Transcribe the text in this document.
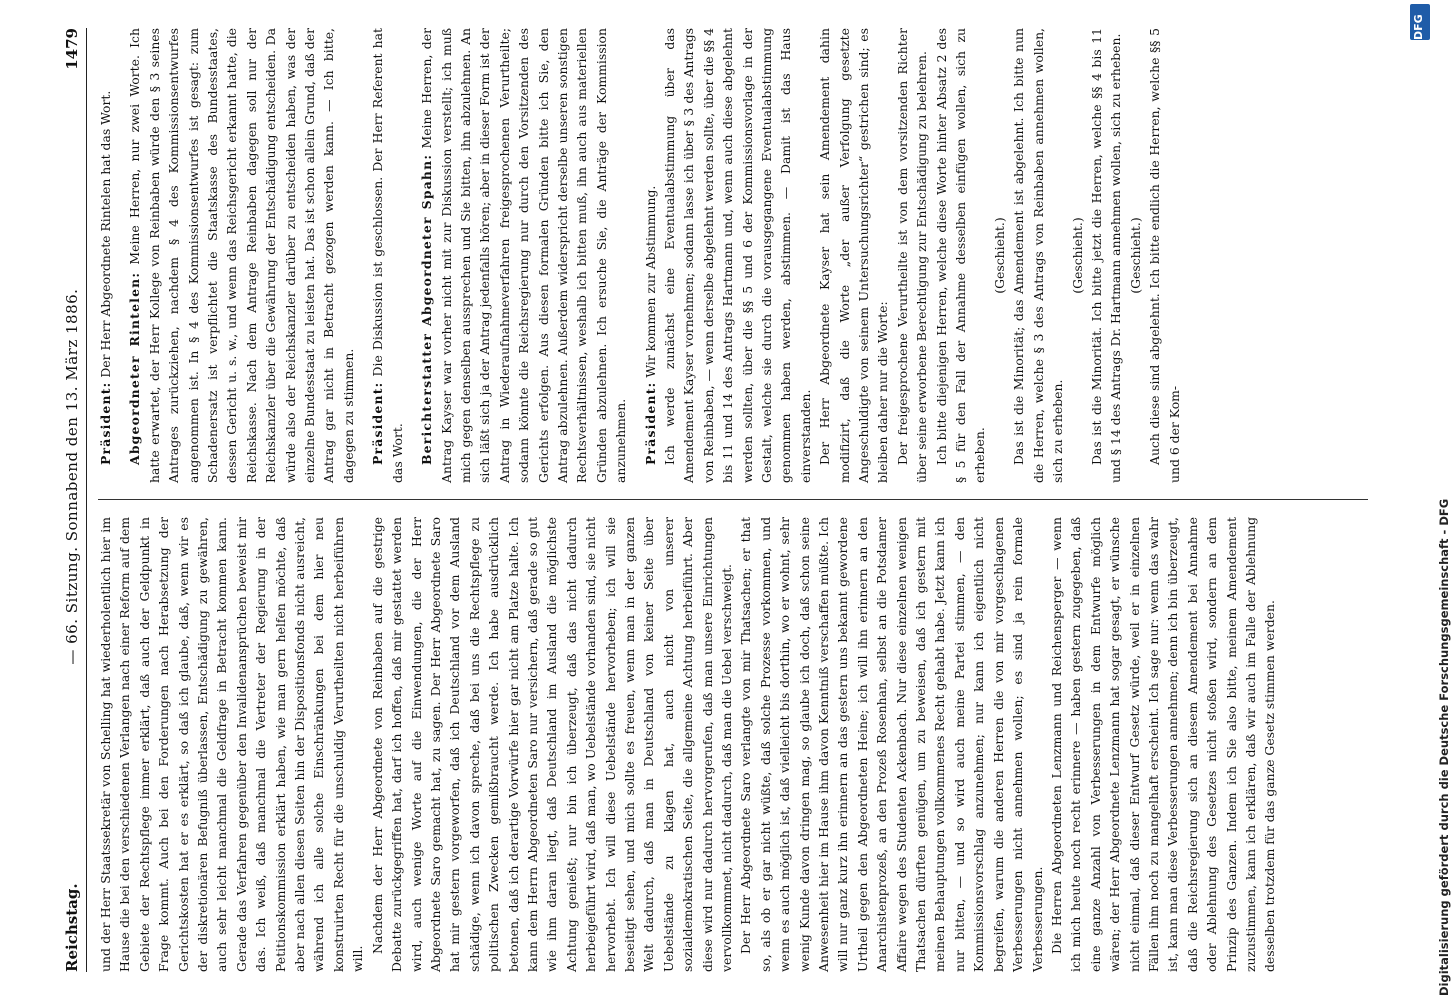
Reichstag.
— 66. Sitzung. Sonnabend den 13. März 1886.
1479

und der Herr Staatssekretär von Schelling hat wiederholentlich hier im Hause die bei den verschiedenen Verlangen nach einer Reform auf dem Gebiete der Rechtspflege immer erklärt, daß auch der Geldpunkt in Frage kommt. Auch bei den Forderungen nach Herabsetzung der Gerichtskosten hat er es erklärt, so daß ich glaube, daß, wenn wir es der diskretionären Befugniß überlassen, Entschädigung zu gewähren, auch sehr leicht manchmal die Geldfrage in Betracht kommen kann. Gerade das Verfahren gegenüber den Invalidenansprüchen beweist mir das. Ich weiß, daß manchmal die Vertreter der Regierung in der Petitionskommission erklärt haben, wie man gern helfen möchte, daß aber nach allen diesen Seiten hin der Dispositionsfonds nicht ausreicht, während ich alle solche Einschränkungen bei dem hier neu konstruirten Recht für die unschuldig Verurtheilten nicht herbeiführen will.

Nachdem der Herr Abgeordnete von Reinbaben auf die gestrige Debatte zurückgegriffen hat, darf ich hoffen, daß mir gestattet werden wird, auch wenige Worte auf die Einwendungen, die der Herr Abgeordnete Saro gemacht hat, zu sagen. Der Herr Abgeordnete Saro hat mir gestern vorgeworfen, daß ich Deutschland vor dem Ausland schädige, wenn ich davon spreche, daß bei uns die Rechtspflege zu politischen Zwecken gemißbraucht werde. Ich habe ausdrücklich betonen, daß ich derartige Vorwürfe hier gar nicht am Platze halte. Ich kann dem Herrn Abgeordneten Saro nur versichern, daß gerade so gut wie ihm daran liegt, daß Deutschland im Ausland die möglichste Achtung genießt; nur bin ich überzeugt, daß das nicht dadurch herbeigeführt wird, daß man, wo Uebelstände vorhanden sind, sie nicht hervorhebt. Ich will diese Uebelstände hervorheben; ich will sie beseitigt sehen, und mich sollte es freuen, wenn man in der ganzen Welt dadurch, daß man in Deutschland von keiner Seite über Uebelstände zu klagen hat, auch nicht von unserer sozialdemokratischen Seite, die allgemeine Achtung herbeiführt. Aber diese wird nur dadurch hervorgerufen, daß man unsere Einrichtungen vervollkommnet, nicht dadurch, daß man die Uebel verschweigt. Der Herr Abgeordnete Saro verlangte von mir Thatsachen; er that so, als ob er gar nicht wüßte, daß solche Prozesse vorkommen, und wenn es auch möglich ist, daß vielleicht bis dorthin, wo er wohnt, sehr wenig Kunde davon dringen mag, so glaube ich doch, daß schon seine Anwesenheit hier im Hause ihm davon Kenntniß verschaffen müßte. Ich will nur ganz kurz ihn erinnern an das gestern uns bekannt gewordene Urtheil gegen den Abgeordneten Heine; ich will ihn erinnern an den Anarchistenprozeß, an den Prozeß Rosenhan, selbst an die Potsdamer Affaire wegen des Studenten Ackenbach. Nur diese einzelnen wenigen Thatsachen dürften genügen, um zu beweisen, daß ich gestern mit meinen Behauptungen vollkommenes Recht gehabt habe. Jetzt kann ich nur bitten, — und so wird auch meine Partei stimmen, — den Kommissionsvorschlag anzunehmen; nur kann ich eigentlich nicht begreifen, warum die anderen Herren die von mir vorgeschlagenen Verbesserungen nicht annehmen wollen; es sind ja rein formale Verbesserungen. Die Herren Abgeordneten Lenzmann und Reichensperger — wenn ich mich heute noch recht erinnere — haben gestern zugegeben, daß eine ganze Anzahl von Verbesserungen in dem Entwurfe möglich wären; der Herr Abgeordnete Lenzmann hat sogar gesagt, er wünsche nicht einmal, daß dieser Entwurf Gesetz würde, weil er in einzelnen Fällen ihm noch zu mangelhaft erscheint. Ich sage nur: wenn das wahr ist, kann man diese Verbesserungen annehmen; denn ich bin überzeugt, daß die Reichsregierung sich an diesem Amendement bei Annahme oder Ablehnung des Gesetzes nicht stoßen wird, sondern an dem Prinzip des Ganzen. Indem ich Sie also bitte, meinem Amendement zuzustimmen, kann ich erklären, daß wir auch im Falle der Ablehnung desselben trotzdem für das ganze Gesetz stimmen werden.

Präsident: Der Herr Abgeordnete Rintelen hat das Wort. Abgeordneter Rintelen: Meine Herren, nur zwei Worte. Ich hatte erwartet, der Herr Kollege von Reinbaben würde den § 3 seines Antrages zurückziehen, nachdem § 4 des Kommissionsentwurfes angenommen ist. In § 4 des Kommissionsentwurfes ist gesagt: zum Schadenersatz ist verpflichtet die Staatskasse des Bundesstaates, dessen Gericht u. s. w., und wenn das Reichsgericht erkannt hatte, die Reichskasse. Nach dem Antrage Reinbaben dagegen soll nur der Reichskanzler über die Gewährung der Entschädigung entscheiden. Da würde also der Reichskanzler darüber zu entscheiden haben, was der einzelne Bundesstaat zu leisten hat. Das ist schon allein Grund, daß der Antrag gar nicht in Betracht gezogen werden kann. — Ich bitte, dagegen zu stimmen. Präsident: Die Diskussion ist geschlossen. Der Herr Referent hat das Wort. Berichterstatter Abgeordneter Spahn: Meine Herren, der Antrag Kayser war vorher nicht mit zur Diskussion verstellt; ich muß mich gegen denselben aussprechen und Sie bitten, ihn abzulehnen. An sich läßt sich ja der Antrag jedenfalls hören; aber in dieser Form ist der Antrag in Wiederaufnahmeverfahren freigesprochenen Verurtheilte; sodann könnte die Reichsregierung nur durch den Vorsitzenden des Gerichts erfolgen. Aus diesen formalen Gründen bitte ich Sie, den Antrag abzulehnen. Außerdem widerspricht derselbe unseren sonstigen Rechtsverhältnissen, weshalb ich bitten muß, ihn auch aus materiellen Gründen abzulehnen. Ich ersuche Sie, die Anträge der Kommission anzunehmen. Präsident: Wir kommen zur Abstimmung. Ich werde zunächst eine Eventualabstimmung über das Amendement Kayser vornehmen; sodann lasse ich über § 3 des Antrags von Reinbaben, — wenn derselbe abgelehnt werden sollte, über die §§ 4 bis 11 und 14 des Antrags Hartmann und, wenn auch diese abgelehnt werden sollten, über die §§ 5 und 6 der Kommissionsvorlage in der Gestalt, welche sie durch die vorausgegangene Eventualabstimmung genommen haben werden, abstimmen. — Damit ist das Haus einverstanden. Der Herr Abgeordnete Kayser hat sein Amendement dahin modifizirt, daß die Worte „der außer Verfolgung gesetzte Angeschuldigte von seinem Untersuchungsrichter“ gestrichen sind; es bleiben daher nur die Worte: Der freigesprochene Verurtheilte ist von dem vorsitzenden Richter über seine erworbene Berechtigung zur Entschädigung zu belehren. Ich bitte diejenigen Herren, welche diese Worte hinter Absatz 2 des § 5 für den Fall der Annahme desselben einfügen wollen, sich zu erheben.

(Geschieht.) Das ist die Minorität; das Amendement ist abgelehnt. Ich bitte nun die Herren, welche § 3 des Antrags von Reinbaben annehmen wollen, sich zu erheben.

(Geschieht.) Das ist die Minorität. Ich bitte jetzt die Herren, welche §§ 4 bis 11 und § 14 des Antrags Dr. Hartmann annehmen wollen, sich zu erheben. (Geschieht.) Auch diese sind abgelehnt. Ich bitte endlich die Herren, welche §§ 5 und 6 der Kom-

Digitalisierung gefördert durch die Deutsche Forschungsgemeinschaft - DFG
DFG
